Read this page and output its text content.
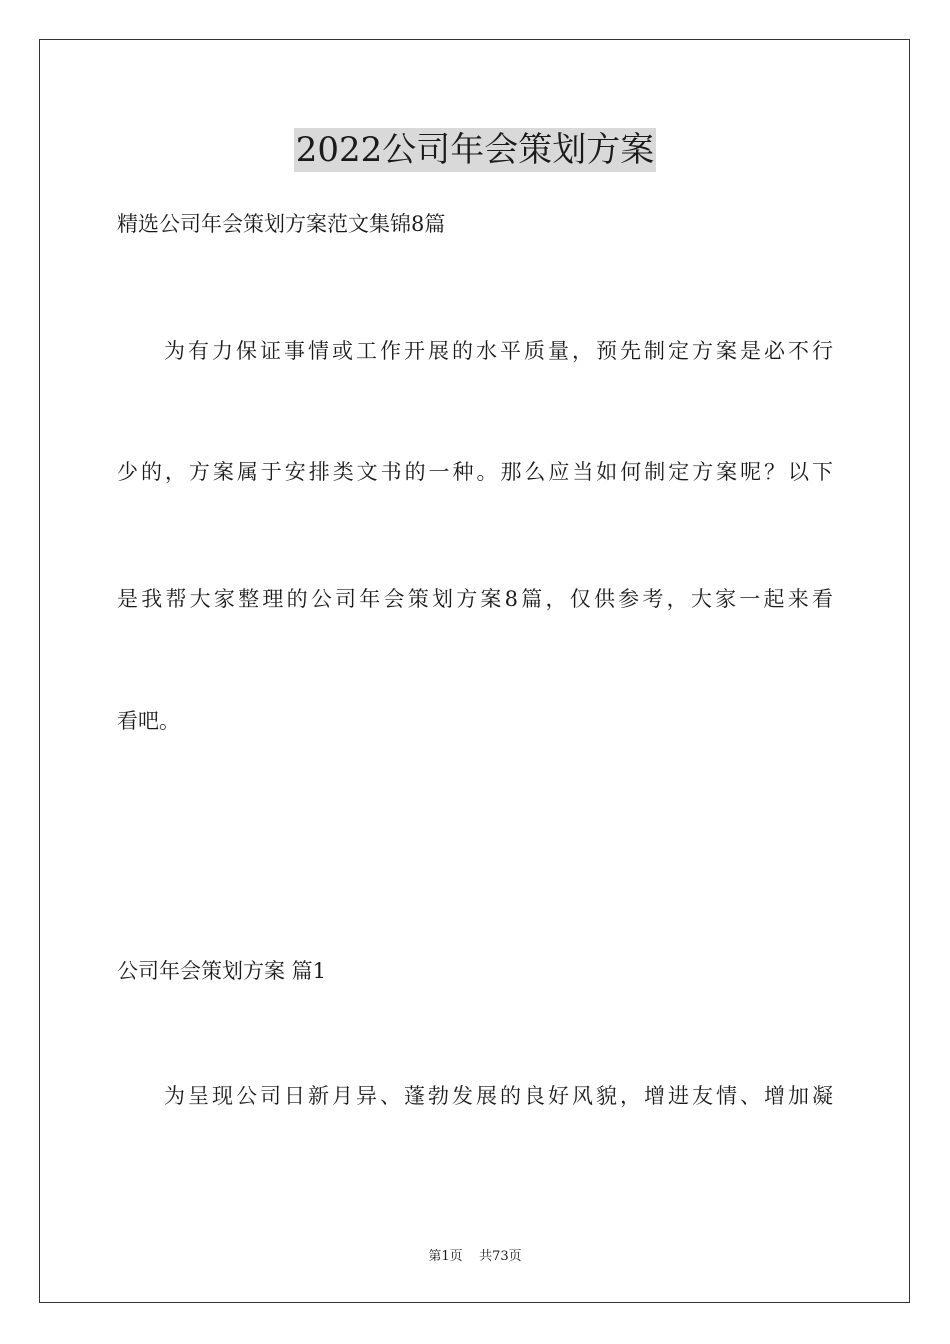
2022公司年会策划方案
精选公司年会策划方案范文集锦8篇
为有力保证事情或工作开展的水平质量，预先制定方案是必不行
少的，方案属于安排类文书的一种。那么应当如何制定方案呢？以下
是我帮大家整理的公司年会策划方案8篇，仅供参考，大家一起来看
看吧。
公司年会策划方案 篇1
为呈现公司日新月异、蓬勃发展的良好风貌，增进友情、增加凝
第1页    共73页
